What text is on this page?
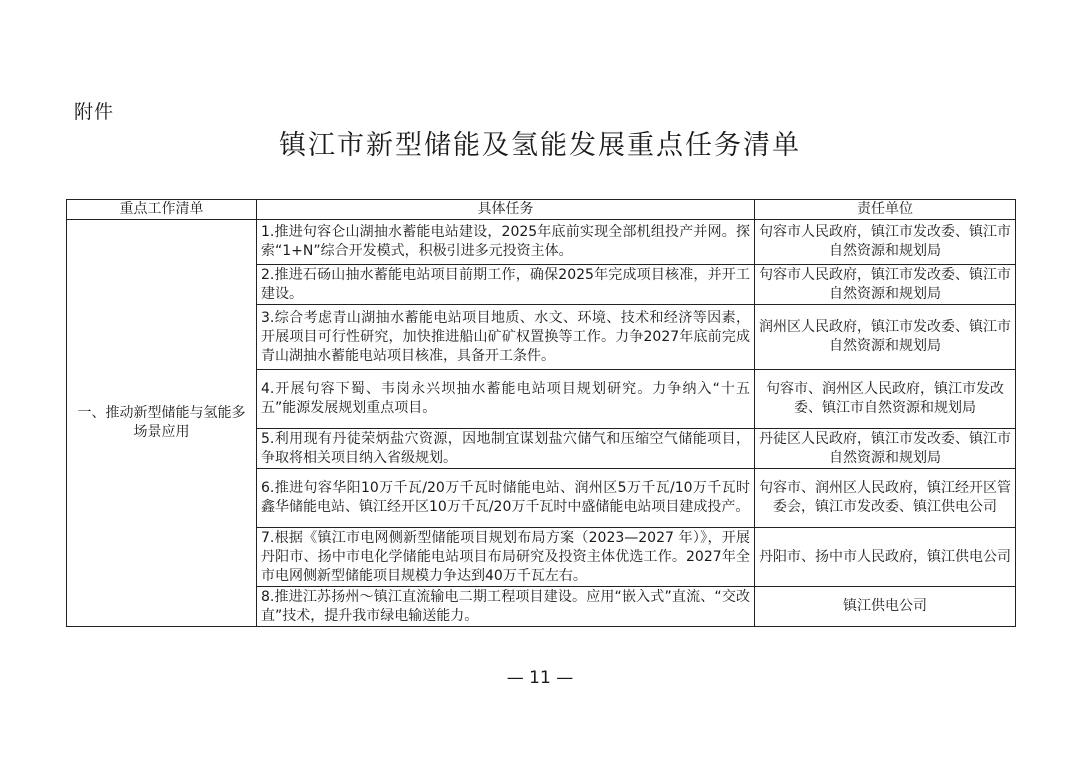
附件
镇江市新型储能及氢能发展重点任务清单
重点工作清单	具体任务	责任单位
一、推动新型储能与氢能多场景应用	1.推进句容仑山湖抽水蓄能电站建设，2025年底前实现全部机组投产并网。探索“1+N”综合开发模式，积极引进多元投资主体。	句容市人民政府，镇江市发改委、镇江市自然资源和规划局
	2.推进石砀山抽水蓄能电站项目前期工作，确保2025年完成项目核准，并开工建设。	句容市人民政府，镇江市发改委、镇江市自然资源和规划局
	3.综合考虑青山湖抽水蓄能电站项目地质、水文、环境、技术和经济等因素，开展项目可行性研究，加快推进船山矿矿权置换等工作。力争2027年底前完成青山湖抽水蓄能电站项目核准，具备开工条件。	润州区人民政府，镇江市发改委、镇江市自然资源和规划局
	4.开展句容下蜀、韦岗永兴坝抽水蓄能电站项目规划研究。力争纳入“十五五”能源发展规划重点项目。	句容市、润州区人民政府，镇江市发改委、镇江市自然资源和规划局
	5.利用现有丹徒荣炳盐穴资源，因地制宜谋划盐穴储气和压缩空气储能项目，争取将相关项目纳入省级规划。	丹徒区人民政府，镇江市发改委、镇江市自然资源和规划局
	6.推进句容华阳10万千瓦/20万千瓦时储能电站、润州区5万千瓦/10万千瓦时鑫华储能电站、镇江经开区10万千瓦/20万千瓦时中盛储能电站项目建成投产。	句容市、润州区人民政府，镇江经开区管委会，镇江市发改委、镇江供电公司
	7.根据《镇江市电网侧新型储能项目规划布局方案（2023—2027 年）》，开展丹阳市、扬中市电化学储能电站项目布局研究及投资主体优选工作。2027年全市电网侧新型储能项目规模力争达到40万千瓦左右。	丹阳市、扬中市人民政府，镇江供电公司
	8.推进江苏扬州～镇江直流输电二期工程项目建设。应用“嵌入式”直流、“交改直”技术，提升我市绿电输送能力。	镇江供电公司
— 11 —
